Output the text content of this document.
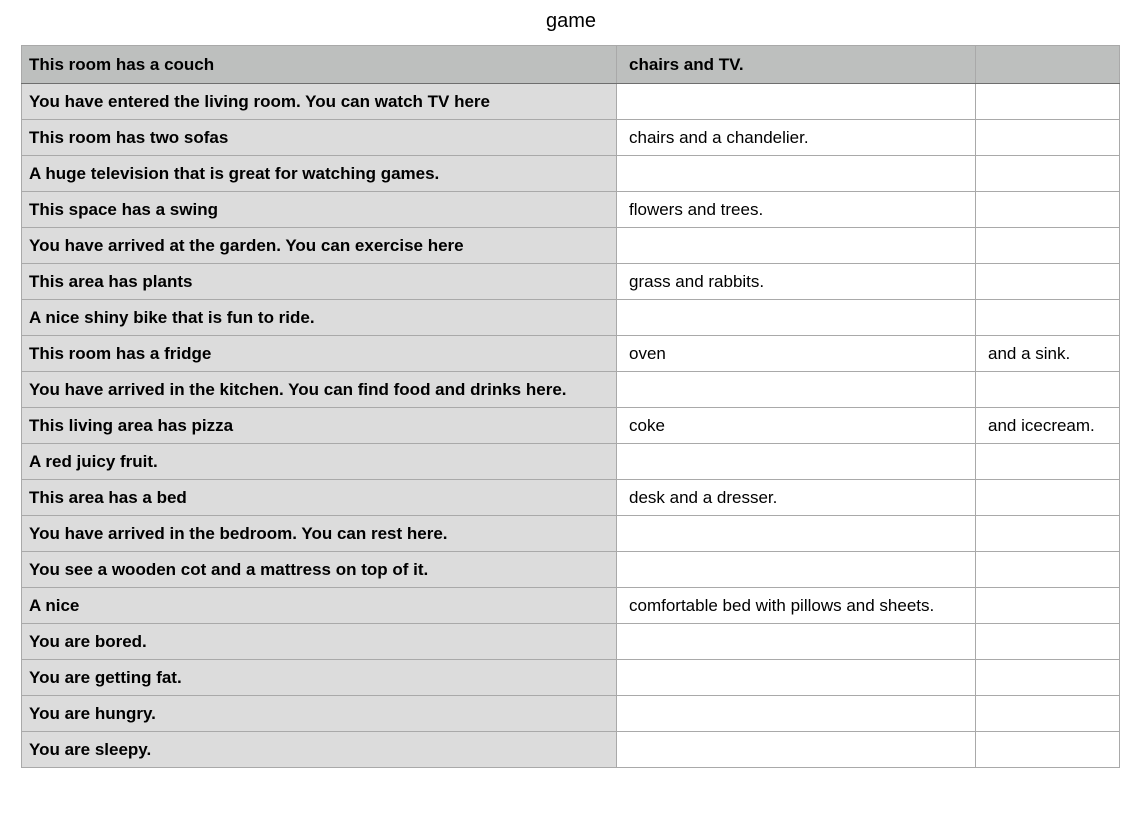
game
This room has a couch	chairs and TV.	
You have entered the living room. You can watch TV here		
This room has two sofas	chairs and a chandelier.	
A huge television that is great for watching games.		
This space has a swing	flowers and trees.	
You have arrived at the garden. You can exercise here		
This area has plants	grass and rabbits.	
A nice shiny bike that is fun to ride.		
This room has a fridge	oven	and a sink.
You have arrived in the kitchen. You can find food and drinks here.		
This living area has pizza	coke	and icecream.
A red juicy fruit.		
This area has a bed	desk and a dresser.	
You have arrived in the bedroom. You can rest here.		
You see a wooden cot and a mattress on top of it.		
A nice	comfortable bed with pillows and sheets.	
You are bored.		
You are getting fat.		
You are hungry.		
You are sleepy.		
